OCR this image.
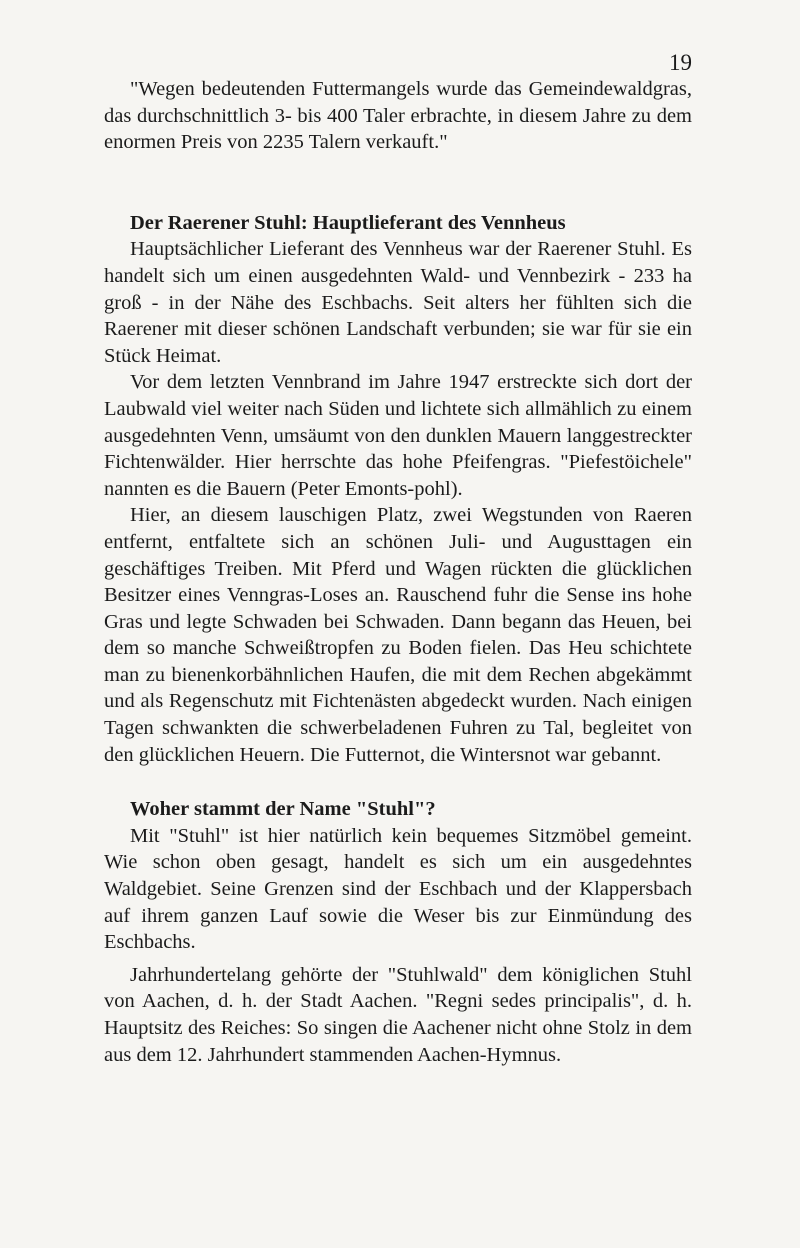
19

"Wegen bedeutenden Futtermangels wurde das Gemeindewaldgras, das durchschnittlich 3- bis 400 Taler erbrachte, in diesem Jahre zu dem enormen Preis von 2235 Talern verkauft."

Der Raerener Stuhl: Hauptlieferant des Vennheus

Hauptsächlicher Lieferant des Vennheus war der Raerener Stuhl. Es handelt sich um einen ausgedehnten Wald- und Vennbezirk - 233 ha groß - in der Nähe des Eschbachs. Seit alters her fühlten sich die Raerener mit dieser schönen Landschaft verbunden; sie war für sie ein Stück Heimat.

Vor dem letzten Vennbrand im Jahre 1947 erstreckte sich dort der Laubwald viel weiter nach Süden und lichtete sich allmählich zu einem ausgedehnten Venn, umsäumt von den dunklen Mauern langgestreckter Fichtenwälder. Hier herrschte das hohe Pfeifengras. "Piefestöichele" nannten es die Bauern (Peter Emonts-pohl).

Hier, an diesem lauschigen Platz, zwei Wegstunden von Raeren entfernt, entfaltete sich an schönen Juli- und Augusttagen ein geschäftiges Treiben. Mit Pferd und Wagen rückten die glücklichen Besitzer eines Venngras-Loses an. Rauschend fuhr die Sense ins hohe Gras und legte Schwaden bei Schwaden. Dann begann das Heuen, bei dem so manche Schweißtropfen zu Boden fielen. Das Heu schichtete man zu bienenkorbähnlichen Haufen, die mit dem Rechen abgekämmt und als Regenschutz mit Fichtenästen abgedeckt wurden. Nach einigen Tagen schwankten die schwerbeladenen Fuhren zu Tal, begleitet von den glücklichen Heuern. Die Futternot, die Wintersnot war gebannt.

Woher stammt der Name "Stuhl"?

Mit "Stuhl" ist hier natürlich kein bequemes Sitzmöbel gemeint. Wie schon oben gesagt, handelt es sich um ein ausgedehntes Waldgebiet. Seine Grenzen sind der Eschbach und der Klappersbach auf ihrem ganzen Lauf sowie die Weser bis zur Einmündung des Eschbachs.

Jahrhundertelang gehörte der "Stuhlwald" dem königlichen Stuhl von Aachen, d. h. der Stadt Aachen. "Regni sedes principalis", d. h. Hauptsitz des Reiches: So singen die Aachener nicht ohne Stolz in dem aus dem 12. Jahrhundert stammenden Aachen-Hymnus.
